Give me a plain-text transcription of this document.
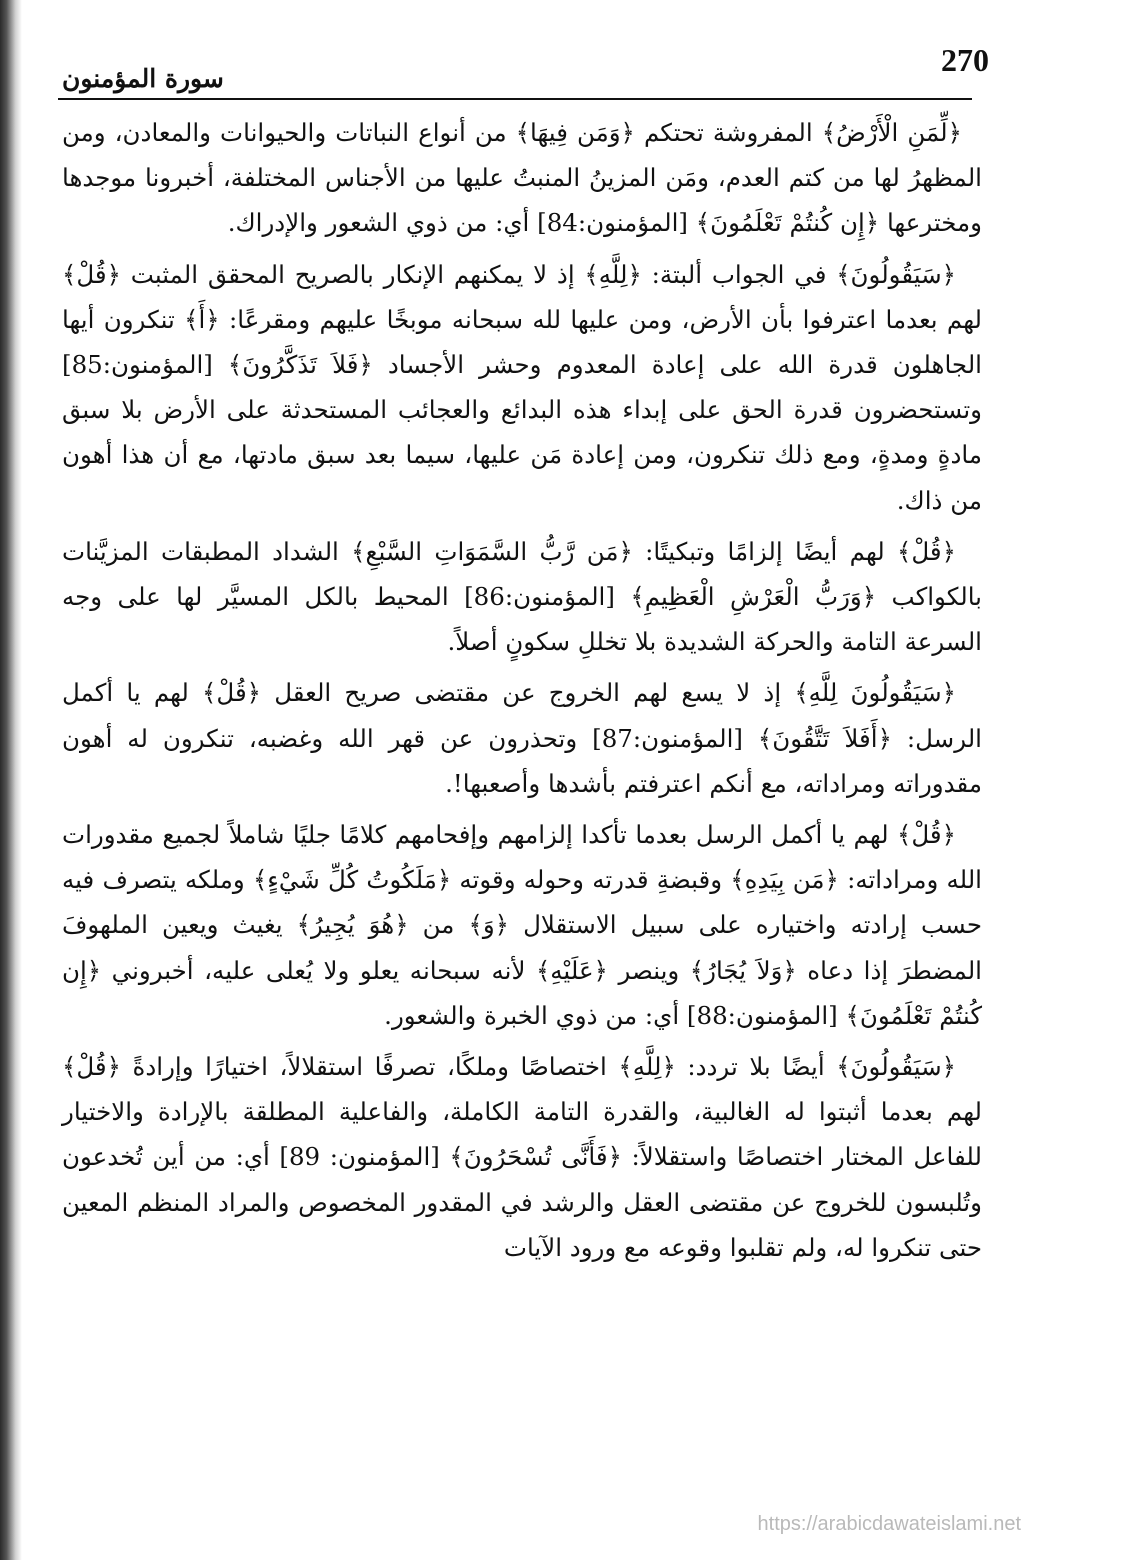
270
سورة المؤمنون

﴿لِّمَنِ الْأَرْضُ﴾ المفروشة تحتكم ﴿وَمَن فِيهَا﴾ من أنواع النباتات والحيوانات والمعادن، ومن المظهرُ لها من كتم العدم، ومَن المزينُ المنبتُ عليها من الأجناس المختلفة، أخبرونا موجدها ومخترعها ﴿إِن كُنتُمْ تَعْلَمُونَ﴾ [المؤمنون:84] أي: من ذوي الشعور والإدراك.

﴿سَيَقُولُونَ﴾ في الجواب ألبتة: ﴿لِلَّهِ﴾ إذ لا يمكنهم الإنكار بالصريح المحقق المثبت ﴿قُلْ﴾ لهم بعدما اعترفوا بأن الأرض، ومن عليها لله سبحانه موبخًا عليهم ومقرعًا: ﴿أَ﴾ تنكرون أيها الجاهلون قدرة الله على إعادة المعدوم وحشر الأجساد ﴿فَلاَ تَذَكَّرُونَ﴾ [المؤمنون:85] وتستحضرون قدرة الحق على إبداء هذه البدائع والعجائب المستحدثة على الأرض بلا سبق مادةٍ ومدةٍ، ومع ذلك تنكرون، ومن إعادة مَن عليها، سيما بعد سبق مادتها، مع أن هذا أهون من ذاك.

﴿قُلْ﴾ لهم أيضًا إلزامًا وتبكيتًا: ﴿مَن رَّبُّ السَّمَوَاتِ السَّبْعِ﴾ الشداد المطبقات المزيَّنات بالكواكب ﴿وَرَبُّ الْعَرْشِ الْعَظِيمِ﴾ [المؤمنون:86] المحيط بالكل المسيَّر لها على وجه السرعة التامة والحركة الشديدة بلا تخللِ سكونٍ أصلاً.

﴿سَيَقُولُونَ لِلَّهِ﴾ إذ لا يسع لهم الخروج عن مقتضى صريح العقل ﴿قُلْ﴾ لهم يا أكمل الرسل: ﴿أَفَلاَ تَتَّقُونَ﴾ [المؤمنون:87] وتحذرون عن قهر الله وغضبه، تنكرون له أهون مقدوراته ومراداته، مع أنكم اعترفتم بأشدها وأصعبها!.

﴿قُلْ﴾ لهم يا أكمل الرسل بعدما تأكدا إلزامهم وإفحامهم كلامًا جليًا شاملاً لجميع مقدورات الله ومراداته: ﴿مَن بِيَدِهِ﴾ وقبضةِ قدرته وحوله وقوته ﴿مَلَكُوتُ كُلِّ شَيْءٍ﴾ وملكه يتصرف فيه حسب إرادته واختياره على سبيل الاستقلال ﴿وَ﴾ من ﴿هُوَ يُجِيرُ﴾ يغيث ويعين الملهوفَ المضطرَ إذا دعاه ﴿وَلاَ يُجَارُ﴾ وينصر ﴿عَلَيْهِ﴾ لأنه سبحانه يعلو ولا يُعلى عليه، أخبروني ﴿إِن كُنتُمْ تَعْلَمُونَ﴾ [المؤمنون:88] أي: من ذوي الخبرة والشعور.

﴿سَيَقُولُونَ﴾ أيضًا بلا تردد: ﴿لِلَّهِ﴾ اختصاصًا وملكًا، تصرفًا استقلالاً، اختيارًا وإرادةً ﴿قُلْ﴾ لهم بعدما أثبتوا له الغالبية، والقدرة التامة الكاملة، والفاعلية المطلقة بالإرادة والاختيار للفاعل المختار اختصاصًا واستقلالاً: ﴿فَأَنَّى تُسْحَرُونَ﴾ [المؤمنون: 89] أي: من أين تُخدعون وتُلبسون للخروج عن مقتضى العقل والرشد في المقدور المخصوص والمراد المنظم المعين حتى تنكروا له، ولم تقلبوا وقوعه مع ورود الآيات

https://arabicdawateislami.net
